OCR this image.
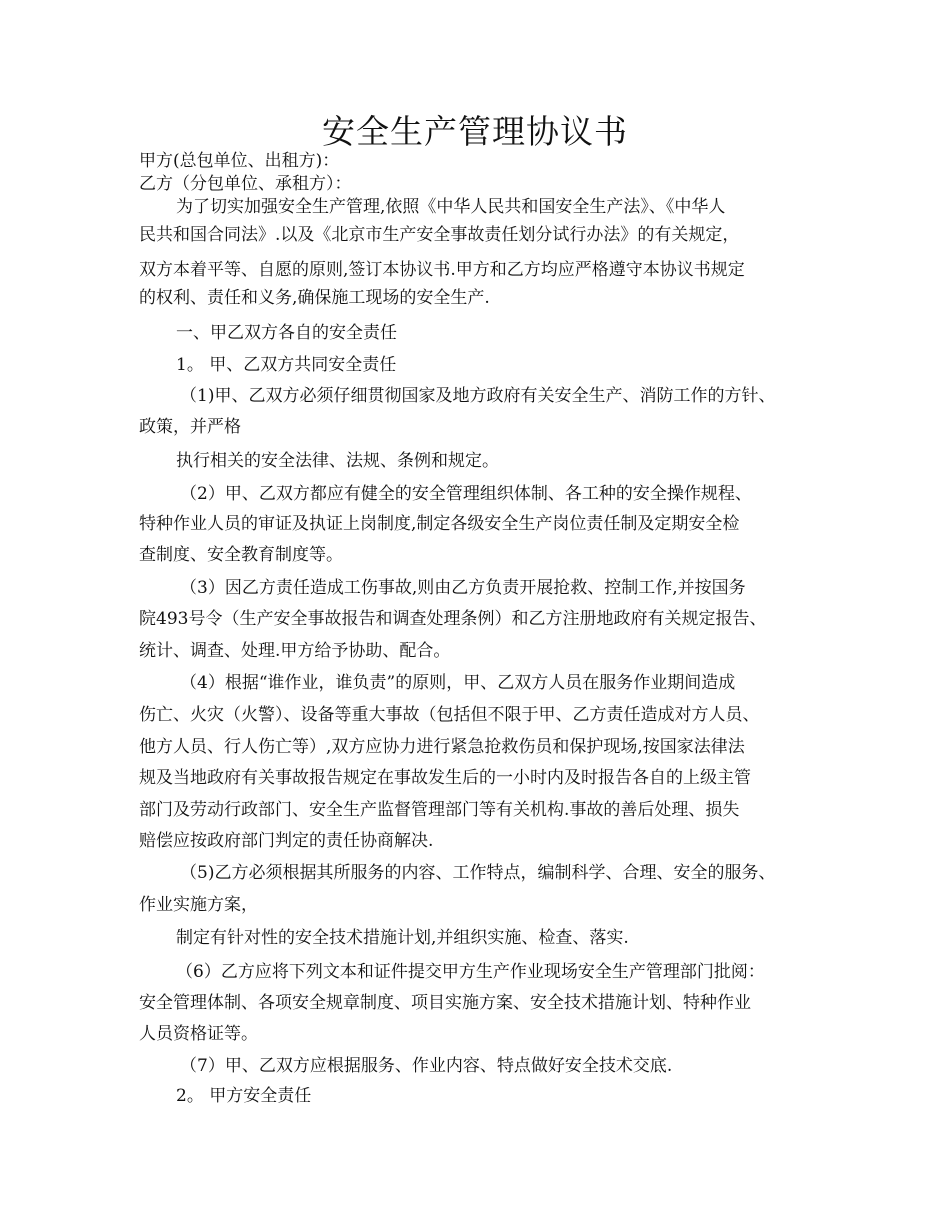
安全生产管理协议书
甲方(总包单位、出租方)：
乙方（分包单位、承租方）：
为了切实加强安全生产管理,依照《中华人民共和国安全生产法》、《中华人
民共和国合同法》.以及《北京市生产安全事故责任划分试行办法》的有关规定，
双方本着平等、自愿的原则,签订本协议书.甲方和乙方均应严格遵守本协议书规定
的权利、责任和义务,确保施工现场的安全生产.
一、甲乙双方各自的安全责任
1。 甲、乙双方共同安全责任
（1)甲、乙双方必须仔细贯彻国家及地方政府有关安全生产、消防工作的方针、
政策，并严格
执行相关的安全法律、法规、条例和规定。
（2）甲、乙双方都应有健全的安全管理组织体制、各工种的安全操作规程、
特种作业人员的审证及执证上岗制度,制定各级安全生产岗位责任制及定期安全检
查制度、安全教育制度等。
（3）因乙方责任造成工伤事故,则由乙方负责开展抢救、控制工作,并按国务
院493号令（生产安全事故报告和调查处理条例）和乙方注册地政府有关规定报告、
统计、调查、处理.甲方给予协助、配合。
（4）根据“谁作业，谁负责”的原则，甲、乙双方人员在服务作业期间造成
伤亡、火灾（火警）、设备等重大事故（包括但不限于甲、乙方责任造成对方人员、
他方人员、行人伤亡等）,双方应协力进行紧急抢救伤员和保护现场,按国家法律法
规及当地政府有关事故报告规定在事故发生后的一小时内及时报告各自的上级主管
部门及劳动行政部门、安全生产监督管理部门等有关机构.事故的善后处理、损失
赔偿应按政府部门判定的责任协商解决.
（5)乙方必须根据其所服务的内容、工作特点，编制科学、合理、安全的服务、
作业实施方案，
制定有针对性的安全技术措施计划,并组织实施、检查、落实.
（6）乙方应将下列文本和证件提交甲方生产作业现场安全生产管理部门批阅：
安全管理体制、各项安全规章制度、项目实施方案、安全技术措施计划、特种作业
人员资格证等。
（7）甲、乙双方应根据服务、作业内容、特点做好安全技术交底.
2。 甲方安全责任
